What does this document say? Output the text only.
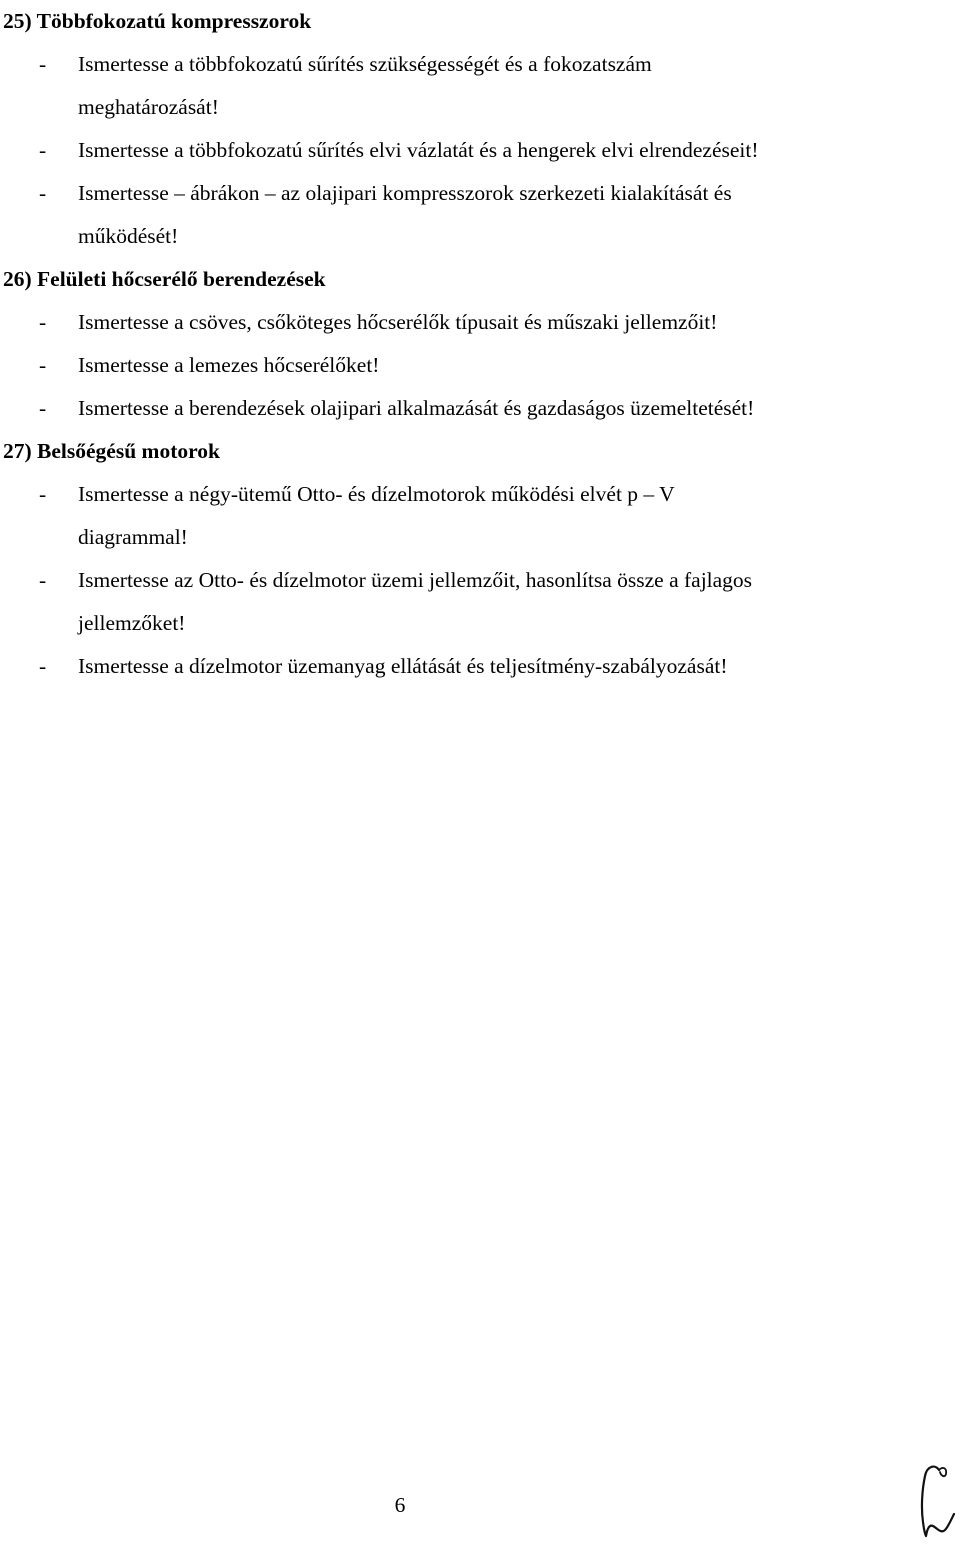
25) Többfokozatú kompresszorok
-	Ismertesse a többfokozatú sűrítés szükségességét és a fokozatszám
meghatározását!
-	Ismertesse a többfokozatú sűrítés elvi vázlatát és a hengerek elvi elrendezéseit!
-	Ismertesse – ábrákon – az olajipari kompresszorok szerkezeti kialakítását és
működését!
26) Felületi hőcserélő berendezések
-	Ismertesse a csöves, csőköteges hőcserélők típusait és műszaki jellemzőit!
-	Ismertesse a lemezes hőcserélőket!
-	Ismertesse a berendezések olajipari alkalmazását és gazdaságos üzemeltetését!
27) Belsőégésű motorok
-	Ismertesse a négy-ütemű Otto- és dízelmotorok működési elvét p – V
diagrammal!
-	Ismertesse az Otto- és dízelmotor üzemi jellemzőit, hasonlítsa össze a fajlagos
jellemzőket!
-	Ismertesse a dízelmotor üzemanyag ellátását és teljesítmény-szabályozását!
6
